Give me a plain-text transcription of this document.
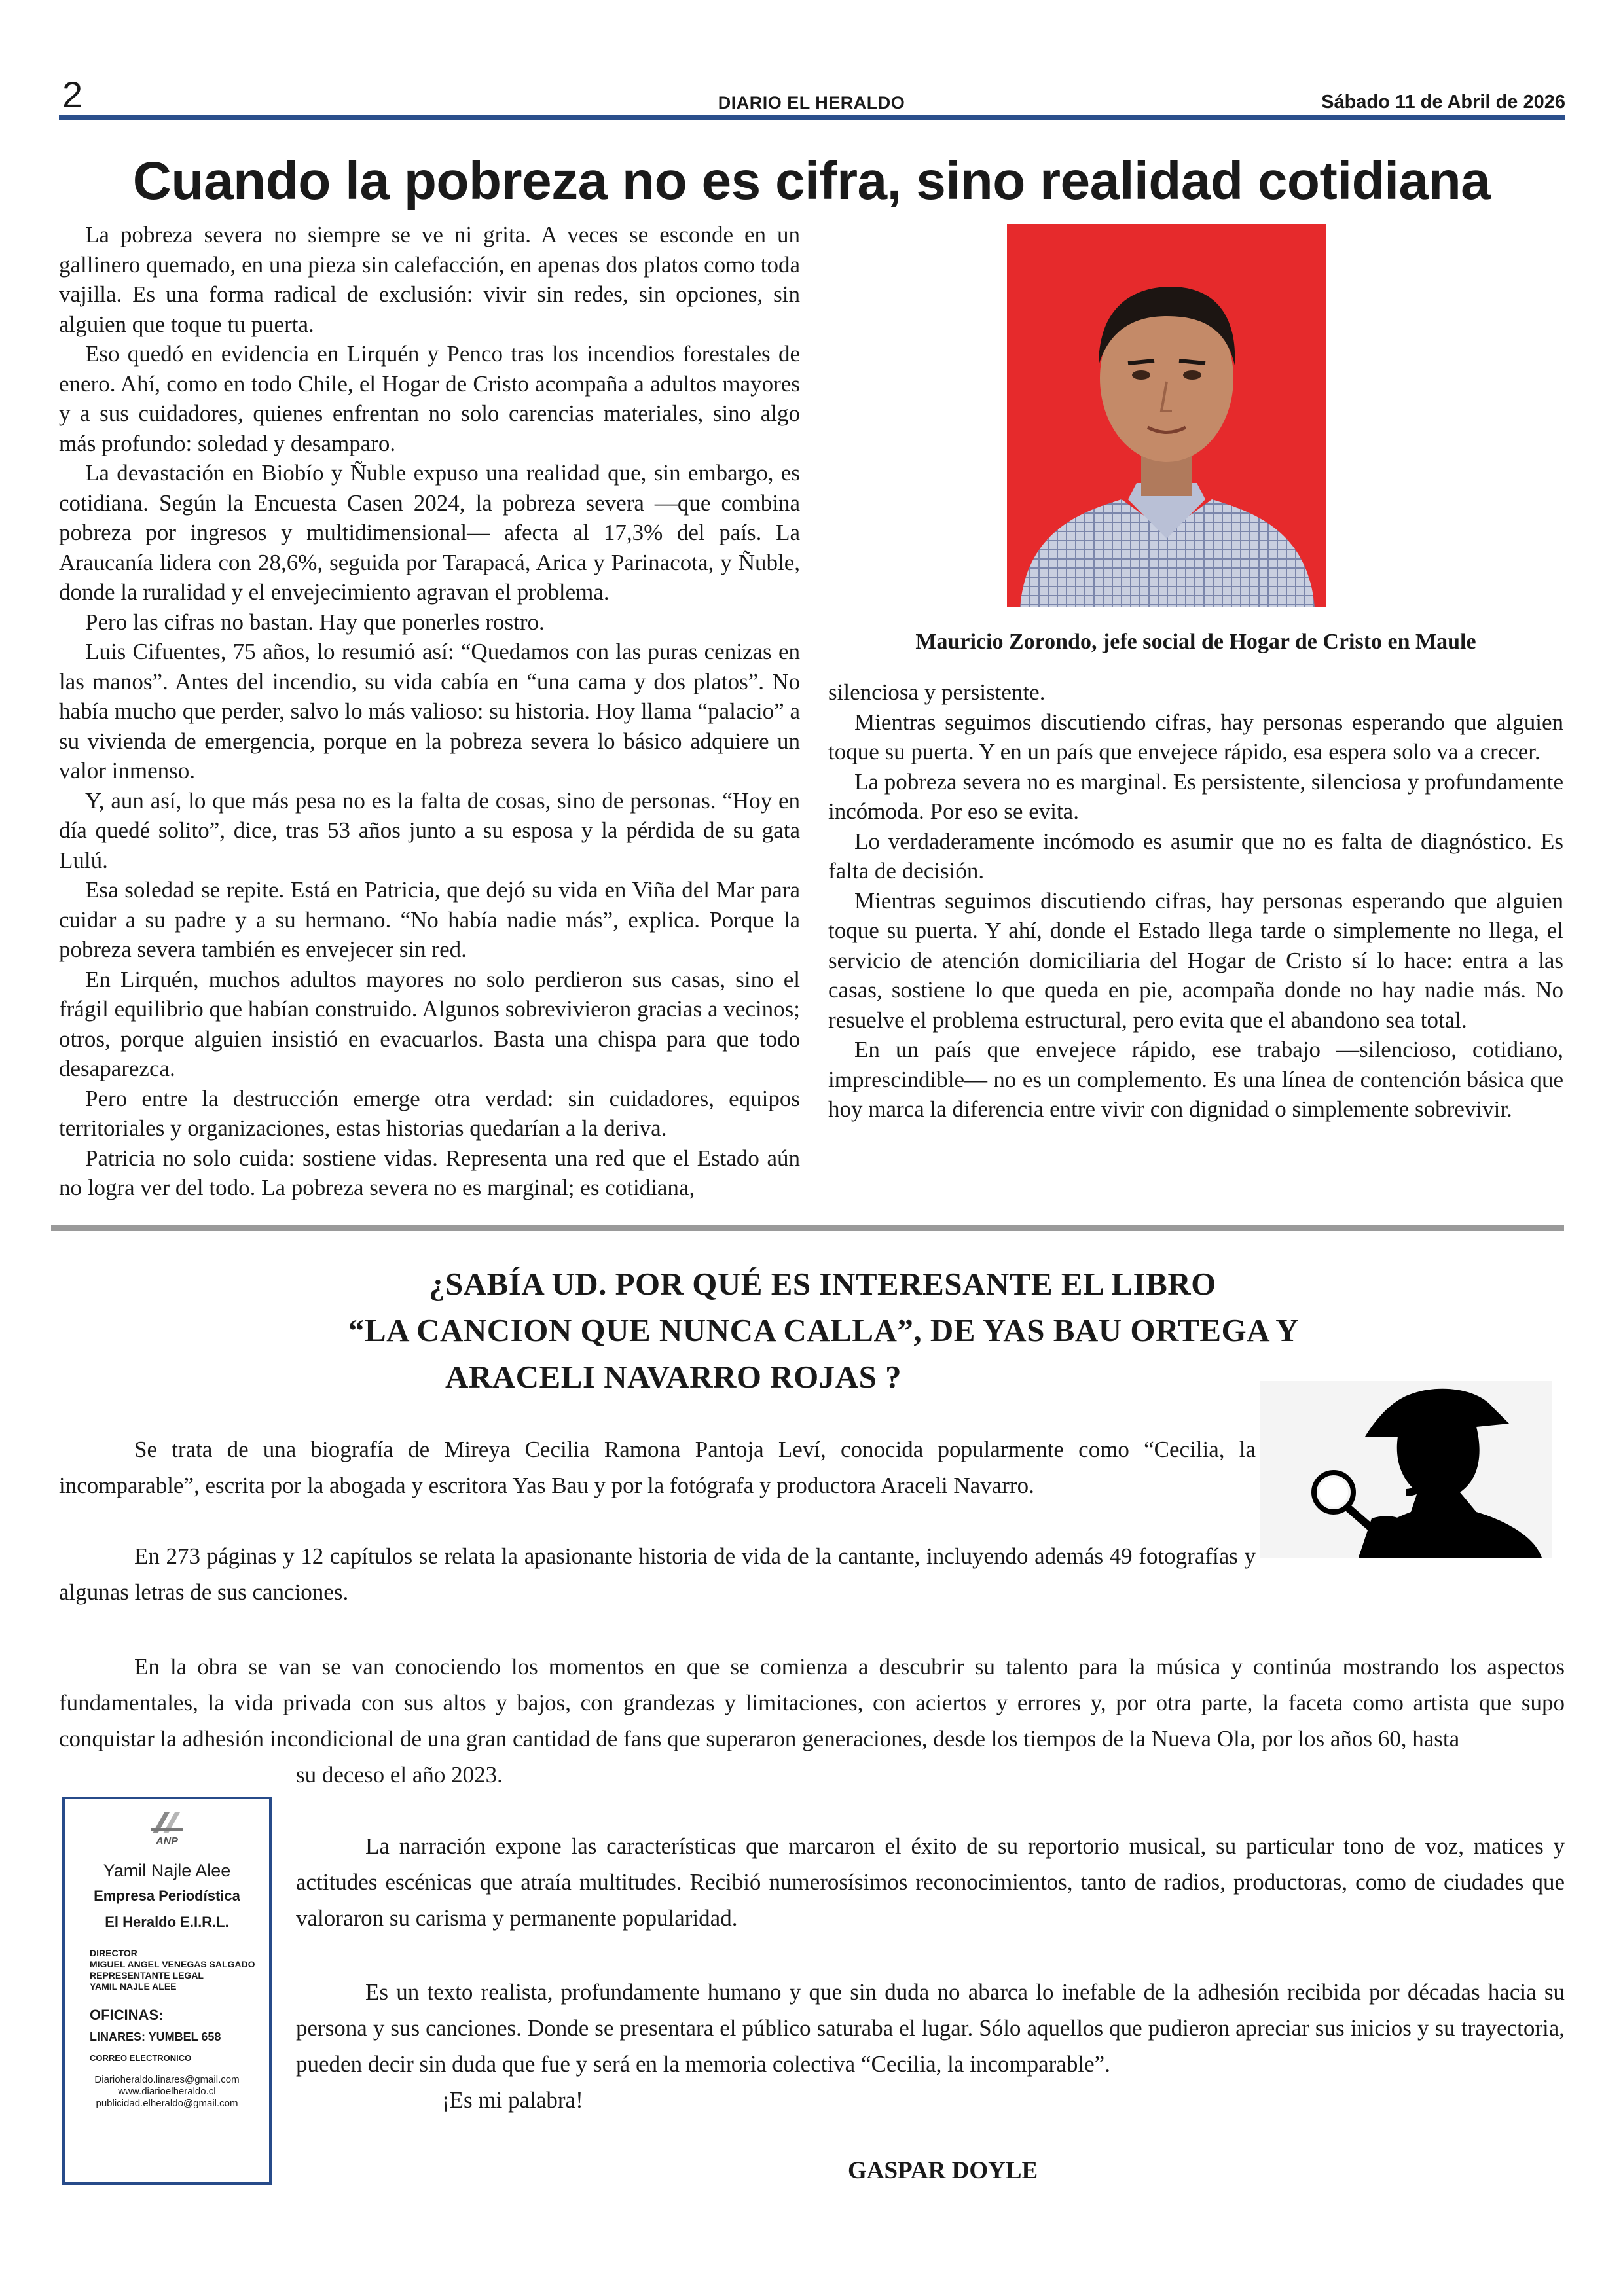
2	DIARIO EL HERALDO	Sábado 11 de Abril de 2026
Cuando la pobreza no es cifra, sino realidad cotidiana

La pobreza severa no siempre se ve ni grita. A veces se esconde en un gallinero quemado, en una pieza sin calefacción, en apenas dos platos como toda vajilla. Es una forma radical de exclusión: vivir sin redes, sin opciones, sin alguien que toque tu puerta.

Eso quedó en evidencia en Lirquén y Penco tras los incendios forestales de enero. Ahí, como en todo Chile, el Hogar de Cristo acompaña a adultos mayores y a sus cuidadores, quienes enfrentan no solo carencias materiales, sino algo más profundo: soledad y desamparo.

La devastación en Biobío y Ñuble expuso una realidad que, sin embargo, es cotidiana. Según la Encuesta Casen 2024, la pobreza severa —que combina pobreza por ingresos y multidimensional— afecta al 17,3% del país. La Araucanía lidera con 28,6%, seguida por Tarapacá, Arica y Parinacota, y Ñuble, donde la ruralidad y el envejecimiento agravan el problema.

Pero las cifras no bastan. Hay que ponerles rostro.

Luis Cifuentes, 75 años, lo resumió así: “Quedamos con las puras cenizas en las manos”. Antes del incendio, su vida cabía en “una cama y dos platos”. No había mucho que perder, salvo lo más valioso: su historia. Hoy llama “palacio” a su vivienda de emergencia, porque en la pobreza severa lo básico adquiere un valor inmenso.

Y, aun así, lo que más pesa no es la falta de cosas, sino de personas. “Hoy en día quedé solito”, dice, tras 53 años junto a su esposa y la pérdida de su gata Lulú.

Esa soledad se repite. Está en Patricia, que dejó su vida en Viña del Mar para cuidar a su padre y a su hermano. “No había nadie más”, explica. Porque la pobreza severa también es envejecer sin red.

En Lirquén, muchos adultos mayores no solo perdieron sus casas, sino el frágil equilibrio que habían construido. Algunos sobrevivieron gracias a vecinos; otros, porque alguien insistió en evacuarlos. Basta una chispa para que todo desaparezca.

Pero entre la destrucción emerge otra verdad: sin cuidadores, equipos territoriales y organizaciones, estas historias quedarían a la deriva.

Patricia no solo cuida: sostiene vidas. Representa una red que el Estado aún no logra ver del todo. La pobreza severa no es marginal; es cotidiana,

Mauricio Zorondo, jefe social de Hogar de Cristo en Maule

silenciosa y persistente.

Mientras seguimos discutiendo cifras, hay personas esperando que alguien toque su puerta. Y en un país que envejece rápido, esa espera solo va a crecer.

La pobreza severa no es marginal. Es persistente, silenciosa y profundamente incómoda. Por eso se evita.

Lo verdaderamente incómodo es asumir que no es falta de diagnóstico. Es falta de decisión.

Mientras seguimos discutiendo cifras, hay personas esperando que alguien toque su puerta. Y ahí, donde el Estado llega tarde o simplemente no llega, el servicio de atención domiciliaria del Hogar de Cristo sí lo hace: entra a las casas, sostiene lo que queda en pie, acompaña donde no hay nadie más. No resuelve el problema estructural, pero evita que el abandono sea total.

En un país que envejece rápido, ese trabajo —silencioso, cotidiano, imprescindible— no es un complemento. Es una línea de contención básica que hoy marca la diferencia entre vivir con dignidad o simplemente sobrevivir.

¿SABÍA UD. POR QUÉ ES INTERESANTE EL LIBRO
“LA CANCION QUE NUNCA CALLA”, DE YAS BAU ORTEGA Y
ARACELI NAVARRO ROJAS ?

Se trata de una biografía de Mireya Cecilia Ramona Pantoja Leví, conocida popularmente como “Cecilia, la incomparable”, escrita por la abogada y escritora Yas Bau y por la fotógrafa y productora Araceli Navarro.

En 273 páginas y 12 capítulos se relata la apasionante historia de vida de la cantante, incluyendo además 49 fotografías y algunas letras de sus canciones.

En la obra se van se van conociendo los momentos en que se comienza a descubrir su talento para la música y continúa mostrando los aspectos fundamentales, la vida privada con sus altos y bajos, con grandezas y limitaciones, con aciertos y errores y, por otra parte, la faceta como artista que supo conquistar la adhesión incondicional de una gran cantidad de fans que superaron generaciones, desde los tiempos de la Nueva Ola, por los años 60, hasta

su deceso el año 2023.

La narración expone las características que marcaron el éxito de su reportorio musical, su particular tono de voz, matices y actitudes escénicas que atraía multitudes. Recibió numerosísimos reconocimientos, tanto de radios, productoras, como de ciudades que valoraron su carisma y permanente popularidad.

Es un texto realista, profundamente humano y que sin duda no abarca lo inefable de la adhesión recibida por décadas hacia su persona y sus canciones. Donde se presentara el público saturaba el lugar. Sólo aquellos que pudieron apreciar sus inicios y su trayectoria, pueden decir sin duda que fue y será en la memoria colectiva “Cecilia, la incomparable”.

¡Es mi palabra!

GASPAR DOYLE
ANP
Yamil Najle Alee
Empresa Periodística
El Heraldo E.I.R.L.
DIRECTOR
MIGUEL ANGEL VENEGAS SALGADO
REPRESENTANTE LEGAL
YAMIL NAJLE ALEE
OFICINAS:
LINARES: YUMBEL 658
CORREO ELECTRONICO
Diarioheraldo.linares@gmail.com
www.diarioelheraldo.cl
publicidad.elheraldo@gmail.com
